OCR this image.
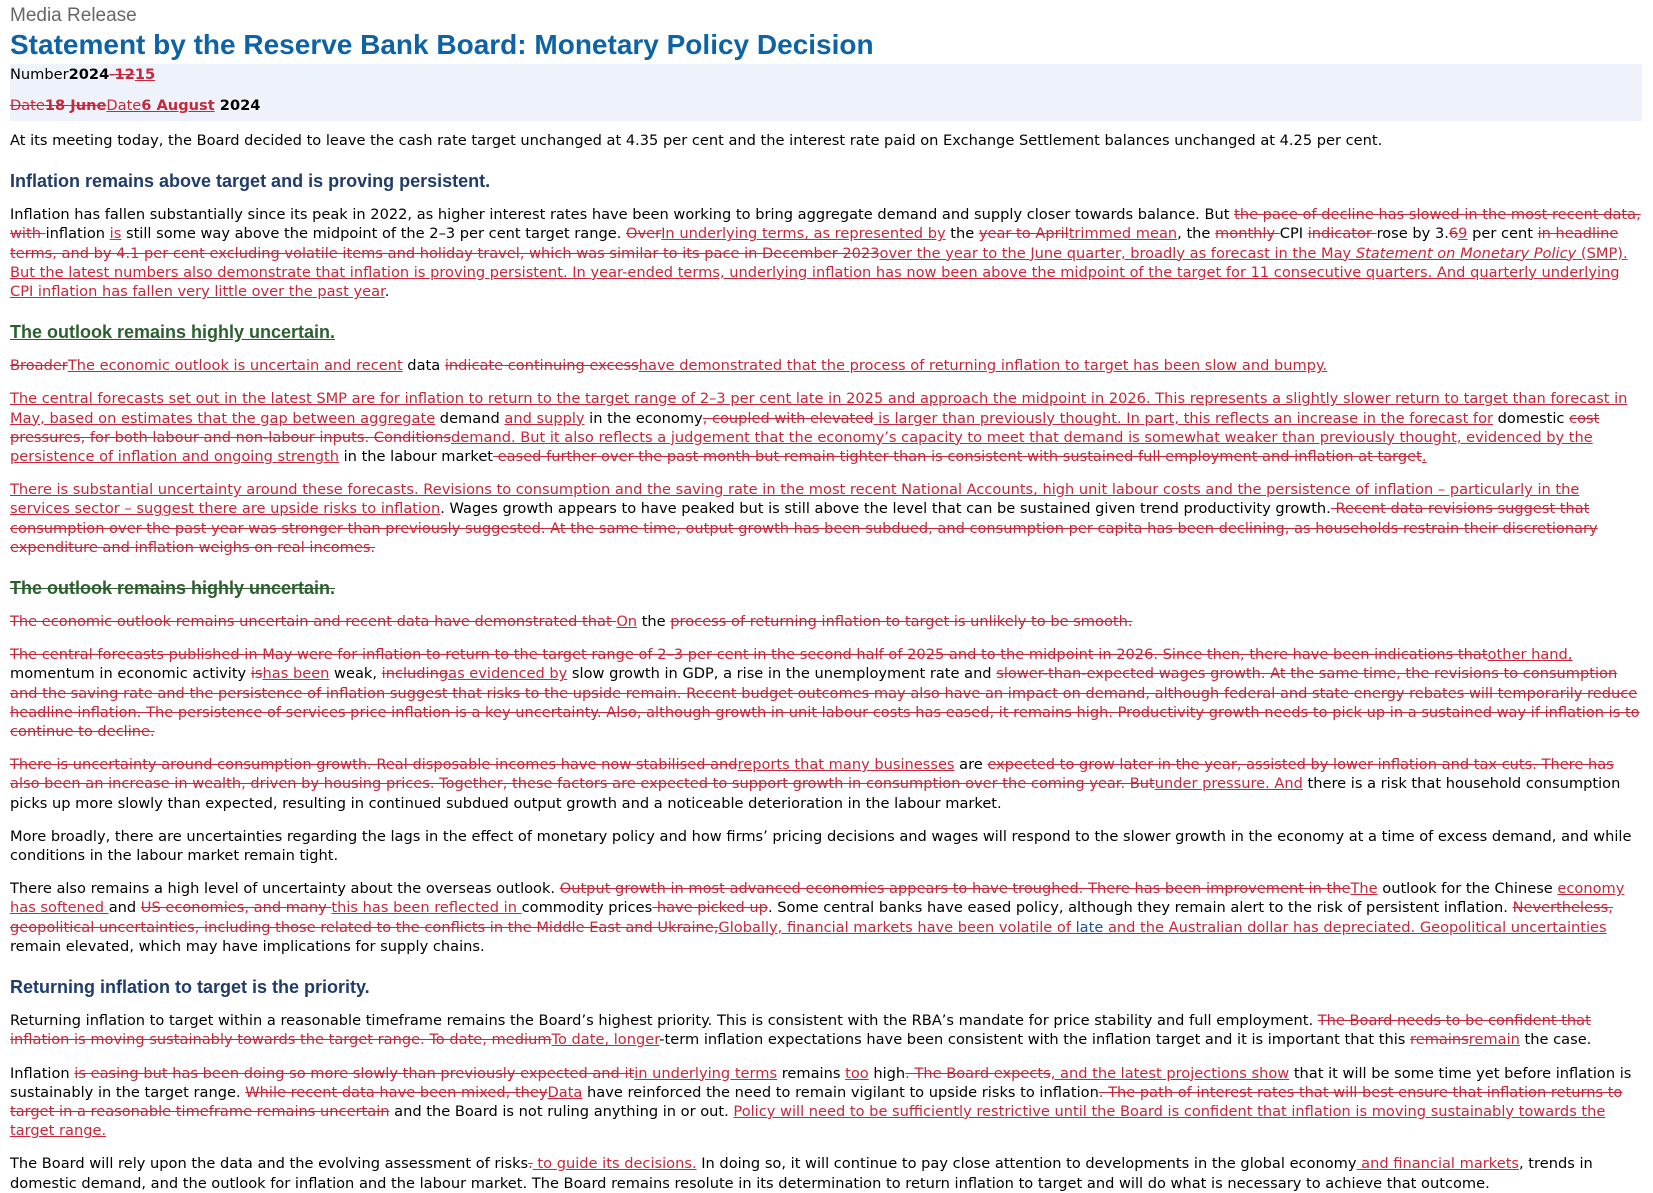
Media Release
Statement by the Reserve Bank Board: Monetary Policy Decision
Number2024-1215
Date18 JuneDate6 August 2024

At its meeting today, the Board decided to leave the cash rate target unchanged at 4.35 per cent and the interest rate paid on Exchange Settlement balances unchanged at 4.25 per cent.

Inflation remains above target and is proving persistent.

Inflation has fallen substantially since its peak in 2022, as higher interest rates have been working to bring aggregate demand and supply closer towards balance. But the pace of decline has slowed in the most recent data, with inflation is still some way above the midpoint of the 2–3 per cent target range. OverIn underlying terms, as represented by the year to Apriltrimmed mean, the monthly CPI indicator rose by 3.69 per cent in headline terms, and by 4.1 per cent excluding volatile items and holiday travel, which was similar to its pace in December 2023over the year to the June quarter, broadly as forecast in the May Statement on Monetary Policy (SMP). But the latest numbers also demonstrate that inflation is proving persistent. In year-ended terms, underlying inflation has now been above the midpoint of the target for 11 consecutive quarters. And quarterly underlying CPI inflation has fallen very little over the past year.

The outlook remains highly uncertain.

BroaderThe economic outlook is uncertain and recent data indicate continuing excesshave demonstrated that the process of returning inflation to target has been slow and bumpy.

The central forecasts set out in the latest SMP are for inflation to return to the target range of 2–3 per cent late in 2025 and approach the midpoint in 2026. This represents a slightly slower return to target than forecast in May, based on estimates that the gap between aggregate demand and supply in the economy, coupled with elevated is larger than previously thought. In part, this reflects an increase in the forecast for domestic cost pressures, for both labour and non-labour inputs. Conditionsdemand. But it also reflects a judgement that the economy’s capacity to meet that demand is somewhat weaker than previously thought, evidenced by the persistence of inflation and ongoing strength in the labour market eased further over the past month but remain tighter than is consistent with sustained full employment and inflation at target.

There is substantial uncertainty around these forecasts. Revisions to consumption and the saving rate in the most recent National Accounts, high unit labour costs and the persistence of inflation – particularly in the services sector – suggest there are upside risks to inflation. Wages growth appears to have peaked but is still above the level that can be sustained given trend productivity growth. Recent data revisions suggest that consumption over the past year was stronger than previously suggested. At the same time, output growth has been subdued, and consumption per capita has been declining, as households restrain their discretionary expenditure and inflation weighs on real incomes.

The outlook remains highly uncertain.

The economic outlook remains uncertain and recent data have demonstrated that On the process of returning inflation to target is unlikely to be smooth.

The central forecasts published in May were for inflation to return to the target range of 2–3 per cent in the second half of 2025 and to the midpoint in 2026. Since then, there have been indications thatother hand, momentum in economic activity ishas been weak, includingas evidenced by slow growth in GDP, a rise in the unemployment rate and slower-than-expected wages growth. At the same time, the revisions to consumption and the saving rate and the persistence of inflation suggest that risks to the upside remain. Recent budget outcomes may also have an impact on demand, although federal and state energy rebates will temporarily reduce headline inflation. The persistence of services price inflation is a key uncertainty. Also, although growth in unit labour costs has eased, it remains high. Productivity growth needs to pick up in a sustained way if inflation is to continue to decline.

There is uncertainty around consumption growth. Real disposable incomes have now stabilised andreports that many businesses are expected to grow later in the year, assisted by lower inflation and tax cuts. There has also been an increase in wealth, driven by housing prices. Together, these factors are expected to support growth in consumption over the coming year. Butunder pressure. And there is a risk that household consumption picks up more slowly than expected, resulting in continued subdued output growth and a noticeable deterioration in the labour market.

More broadly, there are uncertainties regarding the lags in the effect of monetary policy and how firms’ pricing decisions and wages will respond to the slower growth in the economy at a time of excess demand, and while conditions in the labour market remain tight.

There also remains a high level of uncertainty about the overseas outlook. Output growth in most advanced economies appears to have troughed. There has been improvement in theThe outlook for the Chinese economy has softened and US economies, and many this has been reflected in commodity prices have picked up. Some central banks have eased policy, although they remain alert to the risk of persistent inflation. Nevertheless, geopolitical uncertainties, including those related to the conflicts in the Middle East and Ukraine,Globally, financial markets have been volatile of late and the Australian dollar has depreciated. Geopolitical uncertainties remain elevated, which may have implications for supply chains.

Returning inflation to target is the priority.

Returning inflation to target within a reasonable timeframe remains the Board’s highest priority. This is consistent with the RBA’s mandate for price stability and full employment. The Board needs to be confident that inflation is moving sustainably towards the target range. To date, mediumTo date, longer-term inflation expectations have been consistent with the inflation target and it is important that this remainsremain the case.

Inflation is easing but has been doing so more slowly than previously expected and itin underlying terms remains too high. The Board expects, and the latest projections show that it will be some time yet before inflation is sustainably in the target range. While recent data have been mixed, theyData have reinforced the need to remain vigilant to upside risks to inflation. The path of interest rates that will best ensure that inflation returns to target in a reasonable timeframe remains uncertain and the Board is not ruling anything in or out. Policy will need to be sufficiently restrictive until the Board is confident that inflation is moving sustainably towards the target range.

The Board will rely upon the data and the evolving assessment of risks. to guide its decisions. In doing so, it will continue to pay close attention to developments in the global economy and financial markets, trends in domestic demand, and the outlook for inflation and the labour market. The Board remains resolute in its determination to return inflation to target and will do what is necessary to achieve that outcome.
